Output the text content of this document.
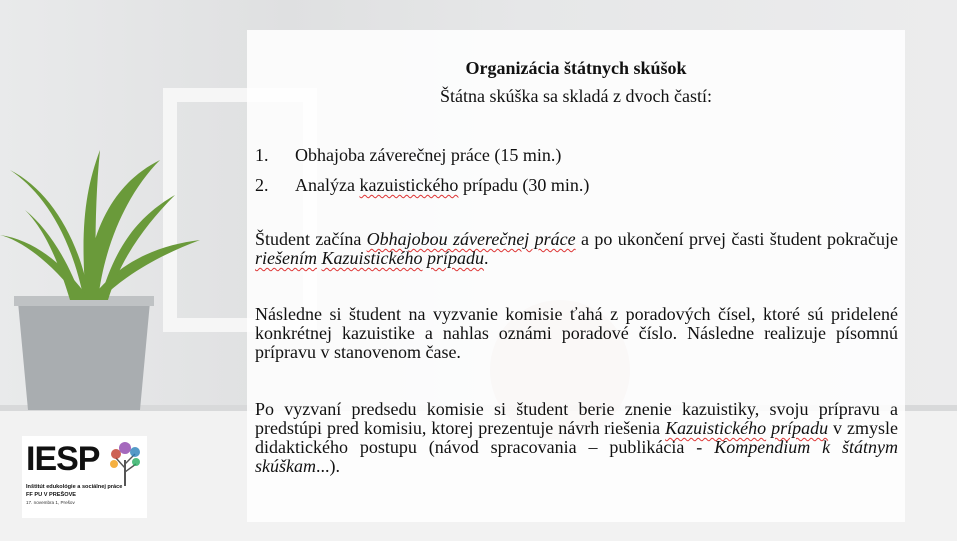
Organizácia štátnych skúšok
Štátna skúška sa skladá z dvoch častí:
1. Obhajoba záverečnej práce (15 min.)
2. Analýza kazuistického prípadu (30 min.)

Študent začína Obhajobou záverečnej práce a po ukončení prvej časti študent pokračuje riešením Kazuistického prípadu.

Následne si študent na vyzvanie komisie ťahá z poradových čísel, ktoré sú pridelené konkrétnej kazuistike a nahlas oznámi poradové číslo. Následne realizuje písomnú prípravu v stanovenom čase.

Po vyzvaní predsedu komisie si študent berie znenie kazuistiky, svoju prípravu a predstúpi pred komisiu, ktorej prezentuje návrh riešenia Kazuistického prípadu v zmysle didaktického postupu (návod spracovania – publikácia - Kompendium k štátnym skúškam...).

IESP
Inštitút edukológie a sociálnej práce
FF PU V PREŠOVE
17. novembra 1, Prešov
